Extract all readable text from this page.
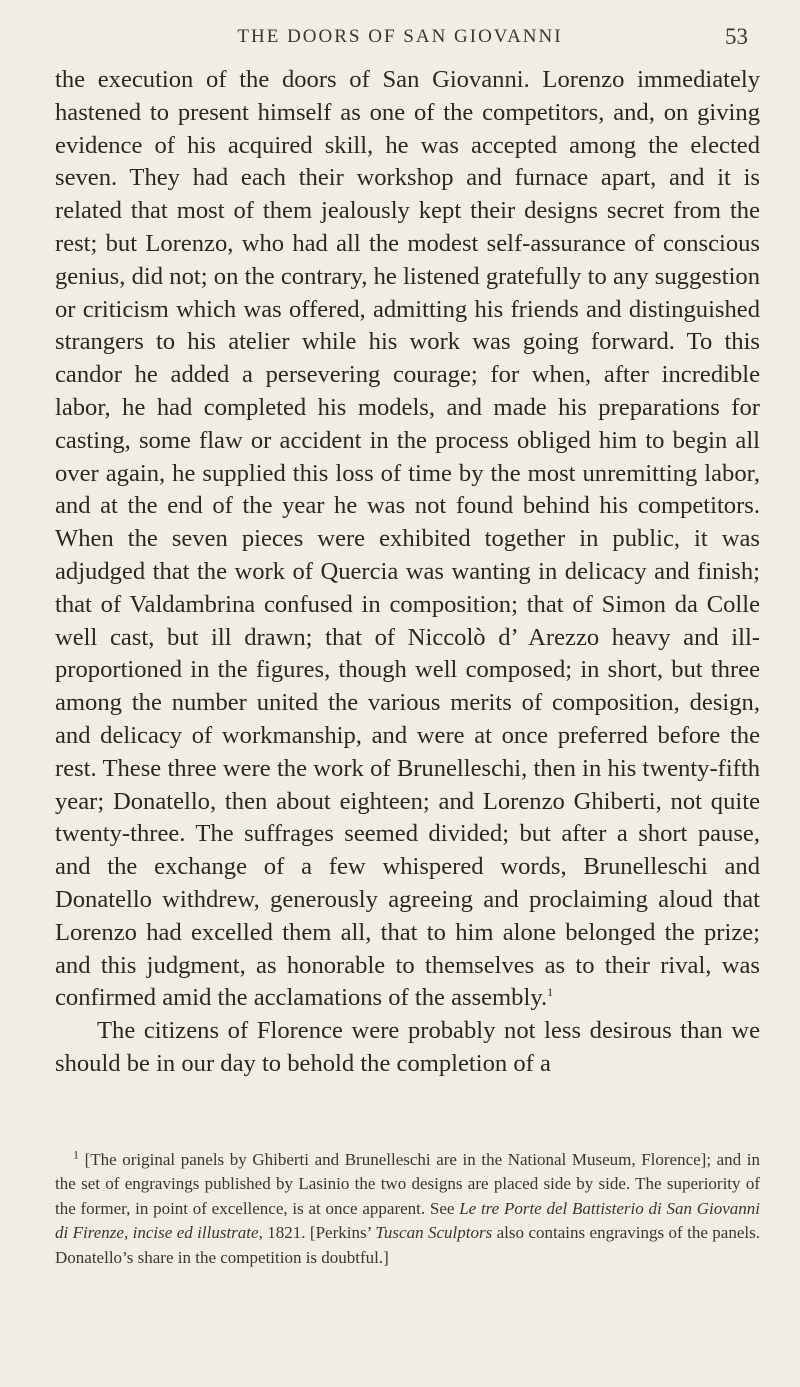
THE DOORS OF SAN GIOVANNI	53

the execution of the doors of San Giovanni. Lorenzo immediately hastened to present himself as one of the competitors, and, on giving evidence of his acquired skill, he was accepted among the elected seven. They had each their workshop and furnace apart, and it is related that most of them jealously kept their designs secret from the rest; but Lorenzo, who had all the modest self-assurance of conscious genius, did not; on the contrary, he listened gratefully to any suggestion or criticism which was offered, admitting his friends and distinguished strangers to his atelier while his work was going forward. To this candor he added a persevering courage; for when, after incredible labor, he had completed his models, and made his preparations for casting, some flaw or accident in the process obliged him to begin all over again, he supplied this loss of time by the most unremitting labor, and at the end of the year he was not found behind his competitors. When the seven pieces were exhibited together in public, it was adjudged that the work of Quercia was wanting in delicacy and finish; that of Valdambrina confused in composition; that of Simon da Colle well cast, but ill drawn; that of Niccolò d’ Arezzo heavy and ill-proportioned in the figures, though well composed; in short, but three among the number united the various merits of composition, design, and delicacy of workmanship, and were at once preferred before the rest. These three were the work of Brunelleschi, then in his twenty-fifth year; Donatello, then about eighteen; and Lorenzo Ghiberti, not quite twenty-three. The suffrages seemed divided; but after a short pause, and the exchange of a few whispered words, Brunelleschi and Donatello withdrew, generously agreeing and proclaiming aloud that Lorenzo had excelled them all, that to him alone belonged the prize; and this judgment, as honorable to themselves as to their rival, was confirmed amid the acclamations of the assembly.$^1$

The citizens of Florence were probably not less desirous than we should be in our day to behold the completion of a

$^1$ [The original panels by Ghiberti and Brunelleschi are in the National Museum, Florence]; and in the set of engravings published by Lasinio the two designs are placed side by side. The superiority of the former, in point of excellence, is at once apparent. See Le tre Porte del Battisterio di San Giovanni di Firenze, incise ed illustrate, 1821. [Perkins’ Tuscan Sculptors also contains engravings of the panels. Donatello’s share in the competition is doubtful.]
